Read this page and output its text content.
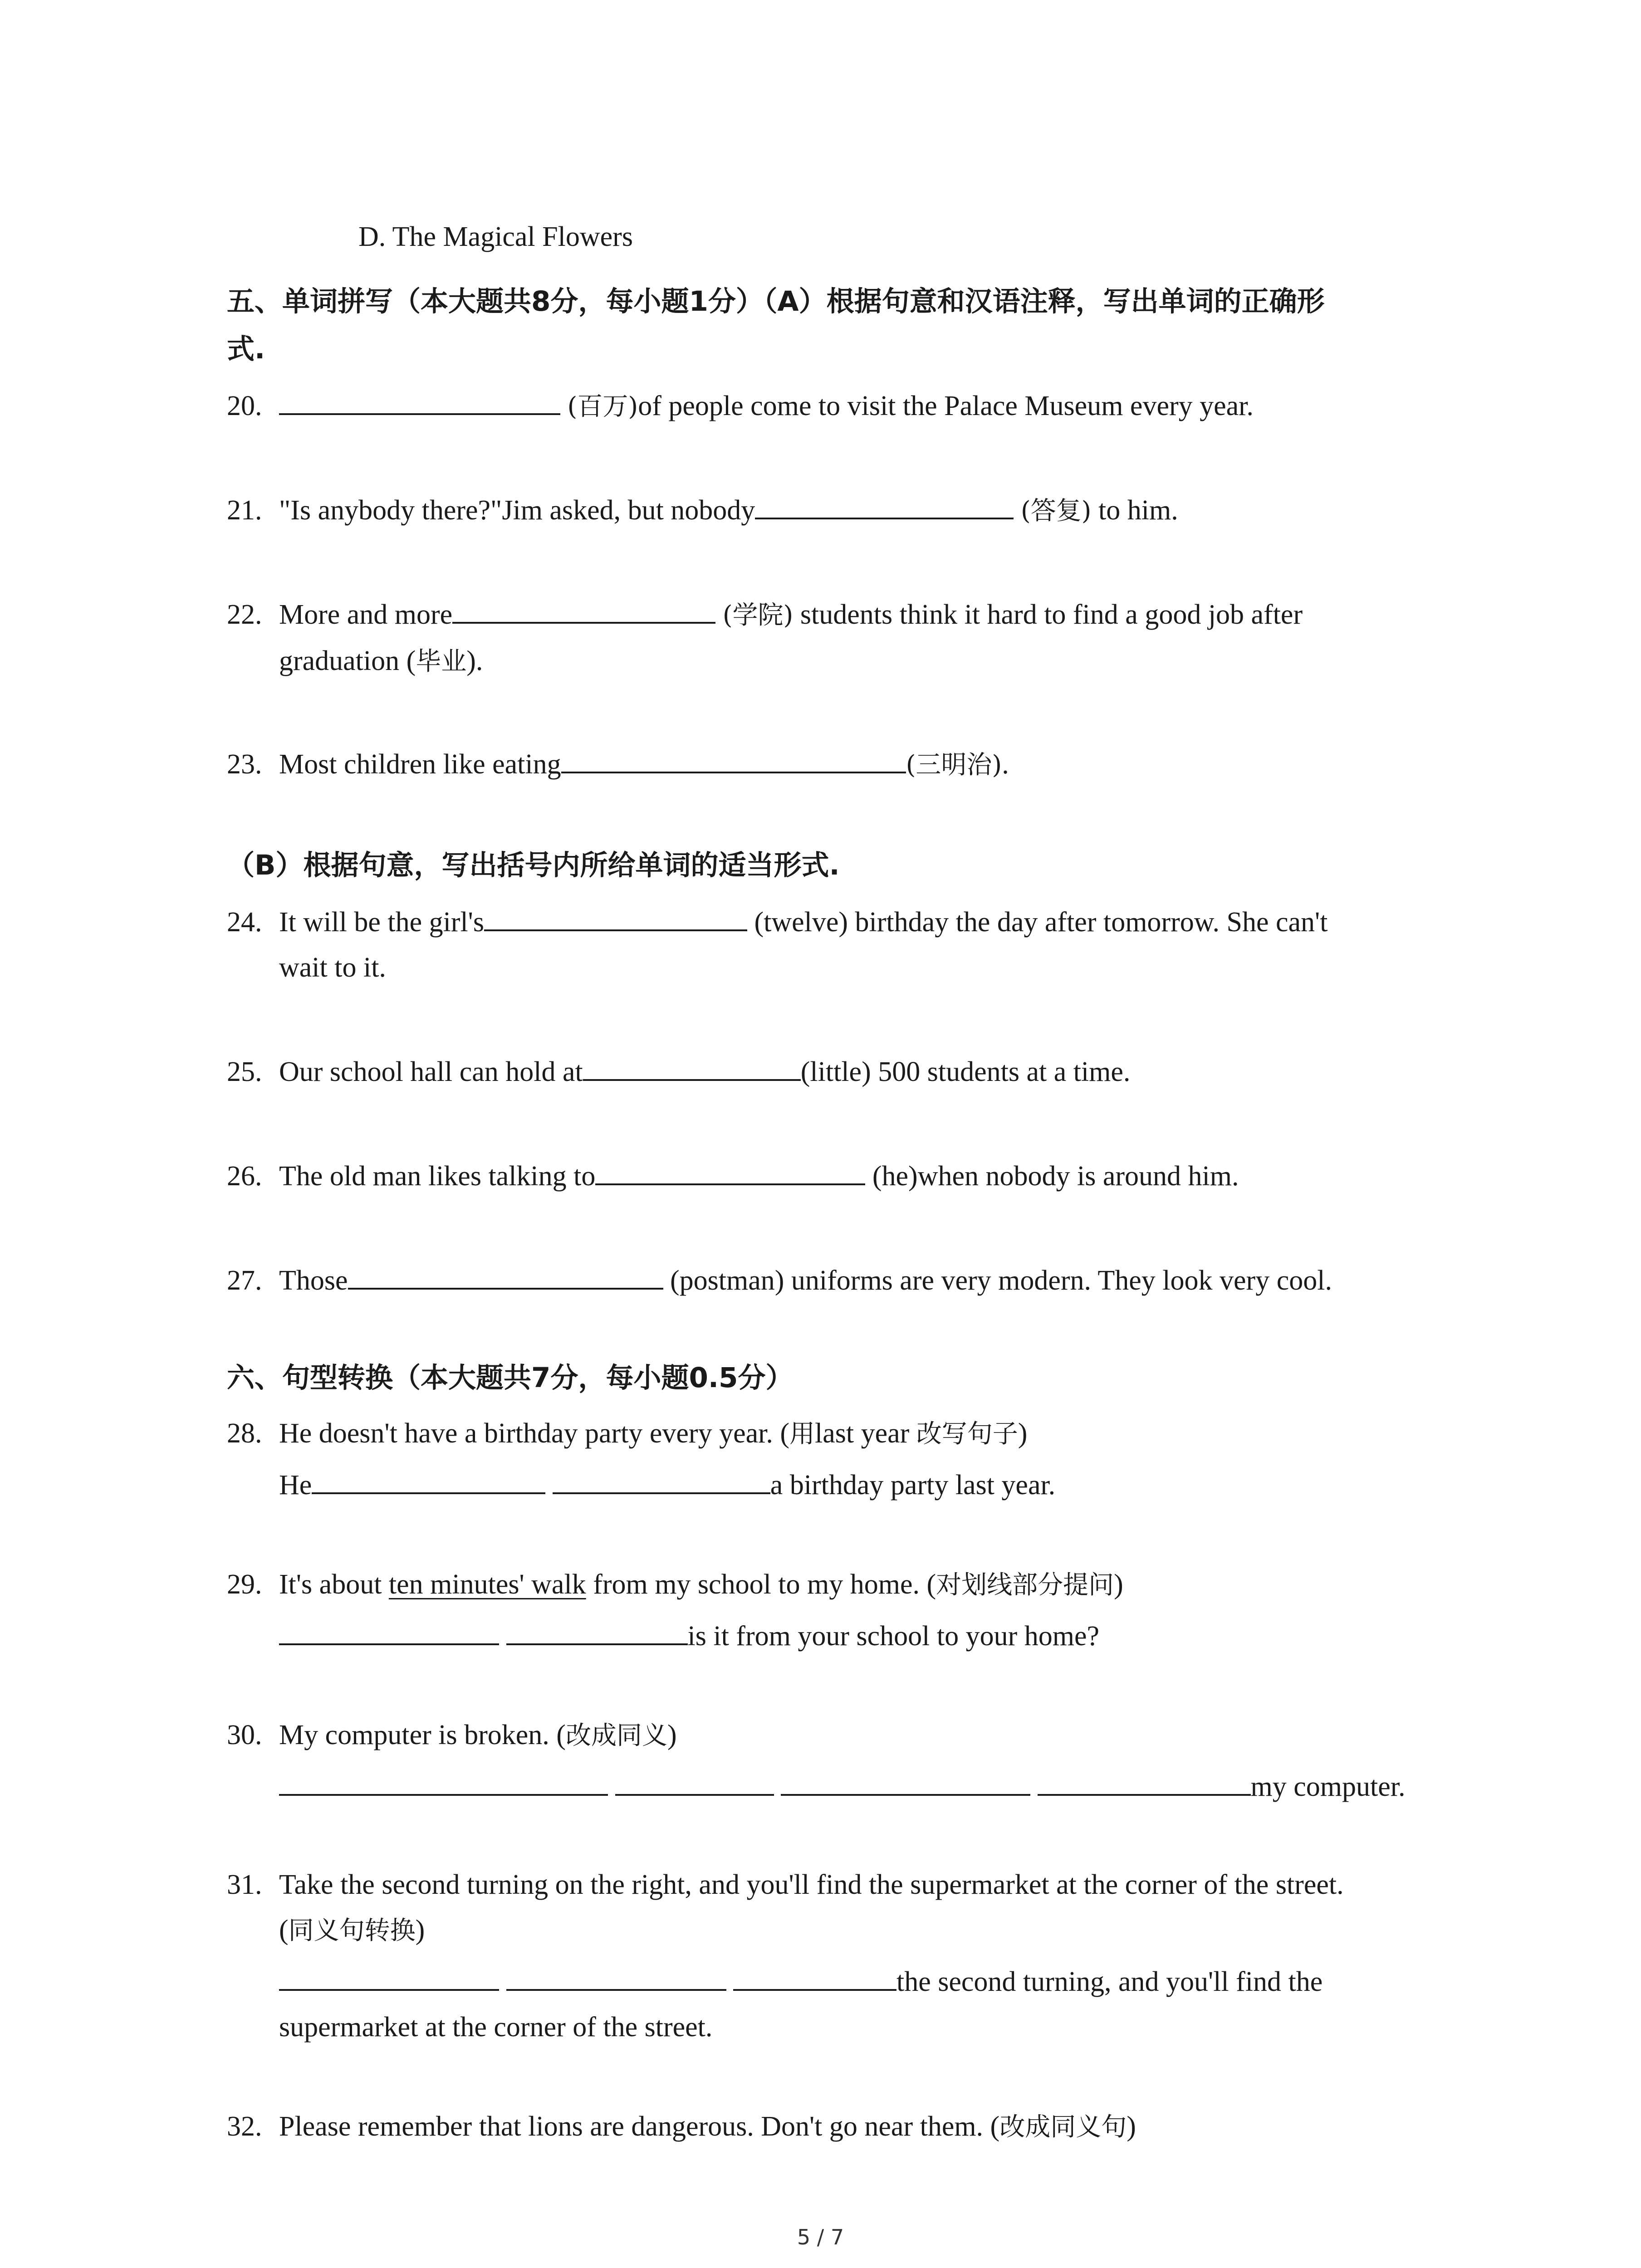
D. The Magical Flowers
五、单词拼写（本大题共8分，每小题1分）（A）根据句意和汉语注释，写出单词的正确形
式.
20.	(百万)of people come to visit the Palace Museum every year.
21. "Is anybody there?"Jim asked, but nobody	(答复) to him.
22. More and more	(学院) students think it hard to find a good job after
graduation (毕业).
23. Most children like eating	(三明治).
（B）根据句意，写出括号内所给单词的适当形式.
24. It will be the girl's	(twelve) birthday the day after tomorrow. She can't
wait to it.
25. Our school hall can hold at	(little) 500 students at a time.
26. The old man likes talking to	(he)when nobody is around him.
27. Those	(postman) uniforms are very modern. They look very cool.
六、句型转换（本大题共7分，每小题0.5分）
28. He doesn't have a birthday party every year. (用last year 改写句子)
He	a birthday party last year.
29. It's about ten minutes' walk from my school to my home. (对划线部分提问)
is it from your school to your home?
30. My computer is broken. (改成同义)
my computer.
31. Take the second turning on the right, and you'll find the supermarket at the corner of the street.
(同义句转换)
the second turning, and you'll find the
supermarket at the corner of the street.
32. Please remember that lions are dangerous. Don't go near them. (改成同义句)
5 / 7
